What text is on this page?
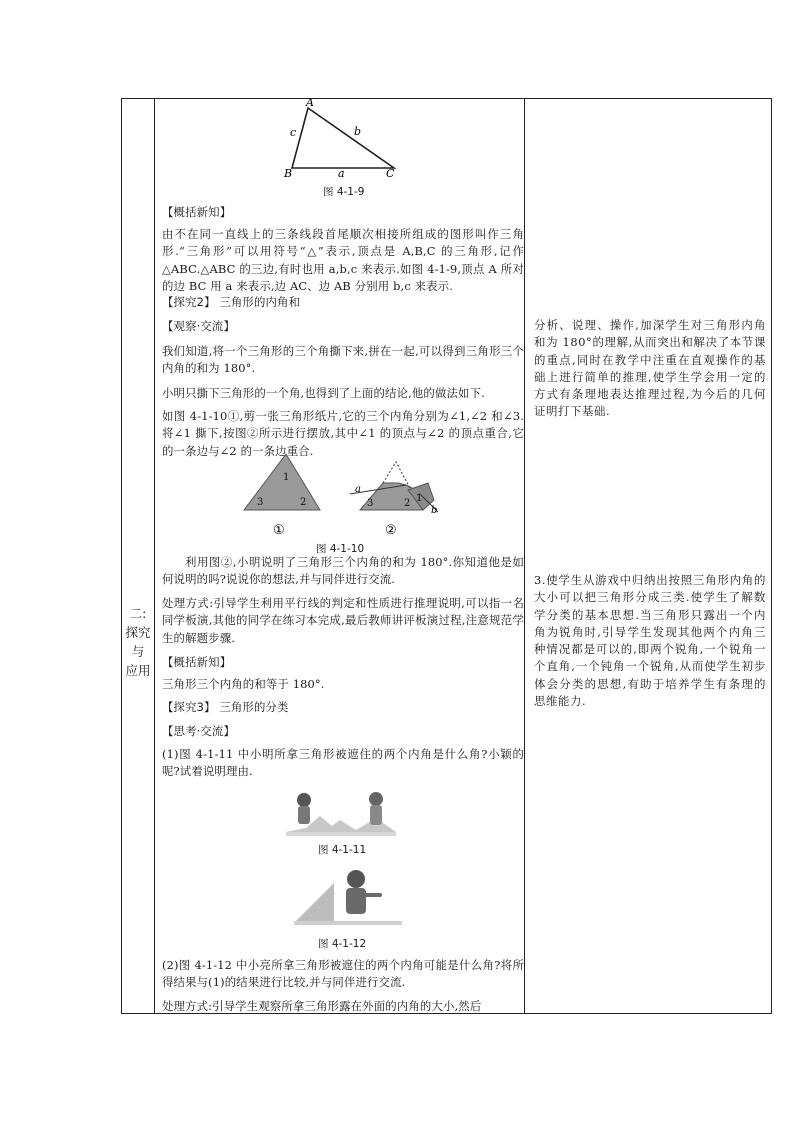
二:
探究
与
应用
A
B	C
a
b
c
图 4-1-9
【概括新知】
由不在同一直线上的三条线段首尾顺次相接所组成的图形叫作三角形.“三角形”可以用符号“△”表示,顶点是 A,B,C 的三角形,记作△ABC.△ABC 的三边,有时也用 a,b,c 来表示.如图 4-1-9,顶点 A 所对的边 BC 用 a 来表示,边 AC、边 AB 分别用 b,c 来表示.
【探究2】 三角形的内角和
【观察·交流】
我们知道,将一个三角形的三个角撕下来,拼在一起,可以得到三角形三个内角的和为 180°.
小明只撕下三角形的一个角,也得到了上面的结论,他的做法如下.
如图 4-1-10①,剪一张三角形纸片,它的三个内角分别为∠1,∠2 和∠3.将∠1 撕下,按图②所示进行摆放,其中∠1 的顶点与∠2 的顶点重合,它的一条边与∠2 的一条边重合.
利用图②,小明说明了三角形三个内角的和为 180°.你知道他是如何说明的吗?说说你的想法,并与同伴进行交流.
处理方式:引导学生利用平行线的判定和性质进行推理说明,可以指一名同学板演,其他的同学在练习本完成,最后教师讲评板演过程,注意规范学生的解题步骤.
【概括新知】
三角形三个内角的和等于 180°.
【探究3】 三角形的分类
【思考·交流】
(1)图 4-1-11 中小明所拿三角形被遮住的两个内角是什么角?小颖的呢?试着说明理由.
(2)图 4-1-12 中小亮所拿三角形被遮住的两个内角可能是什么角?将所得结果与(1)的结果进行比较,并与同伴进行交流.
处理方式:引导学生观察所拿三角形露在外面的内角的大小,然后
1
3	2
①
a
b
3	2 1
②
图 4-1-10
图 4-1-11
图 4-1-12
分析、说理、操作,加深学生对三角形内角和为 180°的理解,从而突出和解决了本节课的重点,同时在教学中注重在直观操作的基础上进行简单的推理,使学生学会用一定的方式有条理地表达推理过程,为今后的几何证明打下基础.
3.使学生从游戏中归纳出按照三角形内角的大小可以把三角形分成三类.使学生了解数学分类的基本思想.当三角形只露出一个内角为锐角时,引导学生发现其他两个内角三种情况都是可以的,即两个锐角,一个锐角一个直角,一个钝角一个锐角,从而使学生初步体会分类的思想,有助于培养学生有条理的思维能力.
